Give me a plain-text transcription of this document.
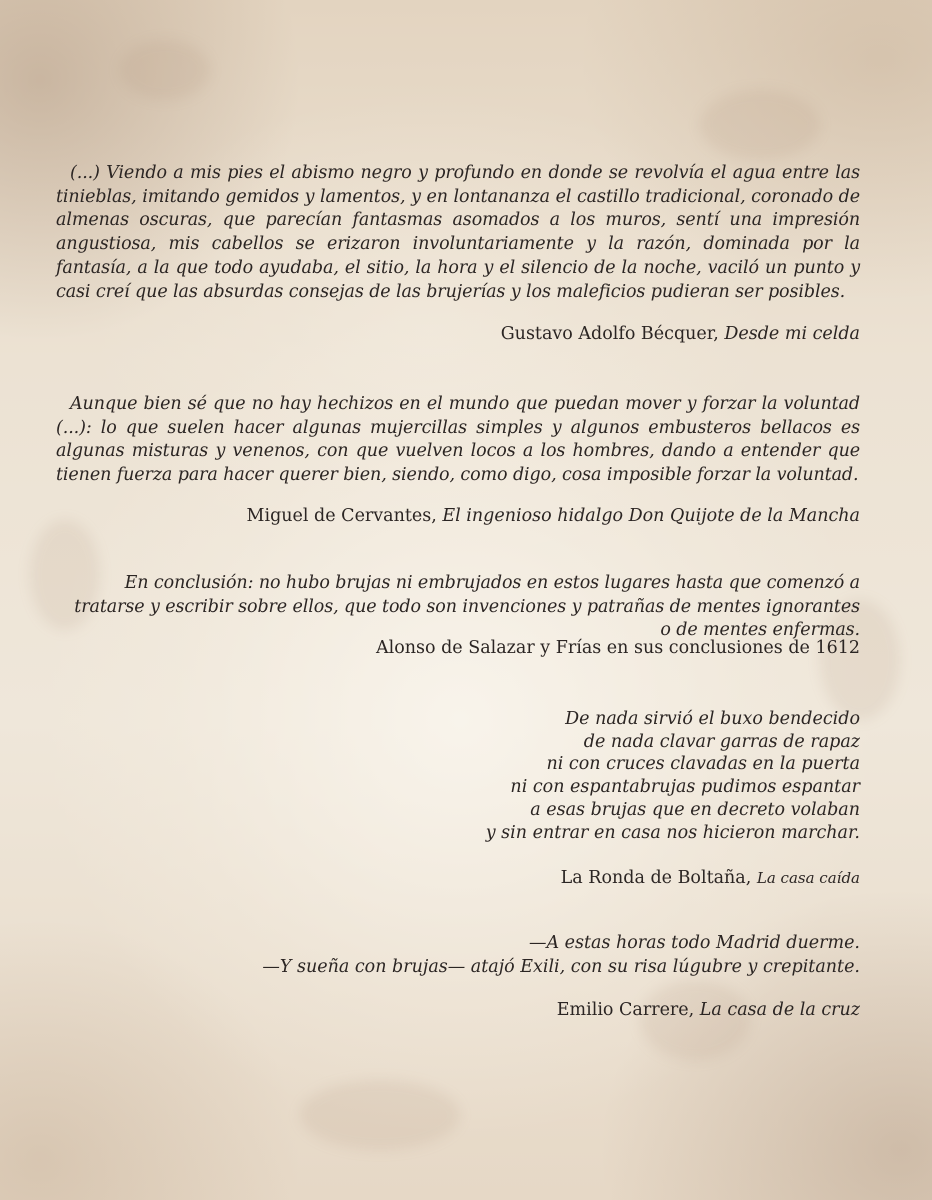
(...) Viendo a mis pies el abismo negro y profundo en donde se revolvía el agua entre las tinieblas, imitando gemidos y lamentos, y en lontananza el castillo tradicional, coronado de almenas oscuras, que parecían fantasmas asomados a los muros, sentí una impresión angustiosa, mis cabellos se erizaron involuntariamente y la razón, dominada por la fantasía, a la que todo ayudaba, el sitio, la hora y el silencio de la noche, vaciló un punto y casi creí que las absurdas consejas de las brujerías y los maleficios pudieran ser posibles.

Gustavo Adolfo Bécquer, Desde mi celda

Aunque bien sé que no hay hechizos en el mundo que puedan mover y forzar la voluntad (...): lo que suelen hacer algunas mujercillas simples y algunos embusteros bellacos es algunas misturas y venenos, con que vuelven locos a los hombres, dando a entender que tienen fuerza para hacer querer bien, siendo, como digo, cosa imposible forzar la voluntad.

Miguel de Cervantes, El ingenioso hidalgo Don Quijote de la Mancha

En conclusión: no hubo brujas ni embrujados en estos lugares hasta que comenzó a tratarse y escribir sobre ellos, que todo son invenciones y patrañas de mentes ignorantes o de mentes enfermas.

Alonso de Salazar y Frías en sus conclusiones de 1612
De nada sirvió el buxo bendecido
de nada clavar garras de rapaz
ni con cruces clavadas en la puerta
ni con espantabrujas pudimos espantar
a esas brujas que en decreto volaban
y sin entrar en casa nos hicieron marchar.
La Ronda de Boltaña, La casa caída
—A estas horas todo Madrid duerme.
—Y sueña con brujas— atajó Exili, con su risa lúgubre y crepitante.
Emilio Carrere, La casa de la cruz
